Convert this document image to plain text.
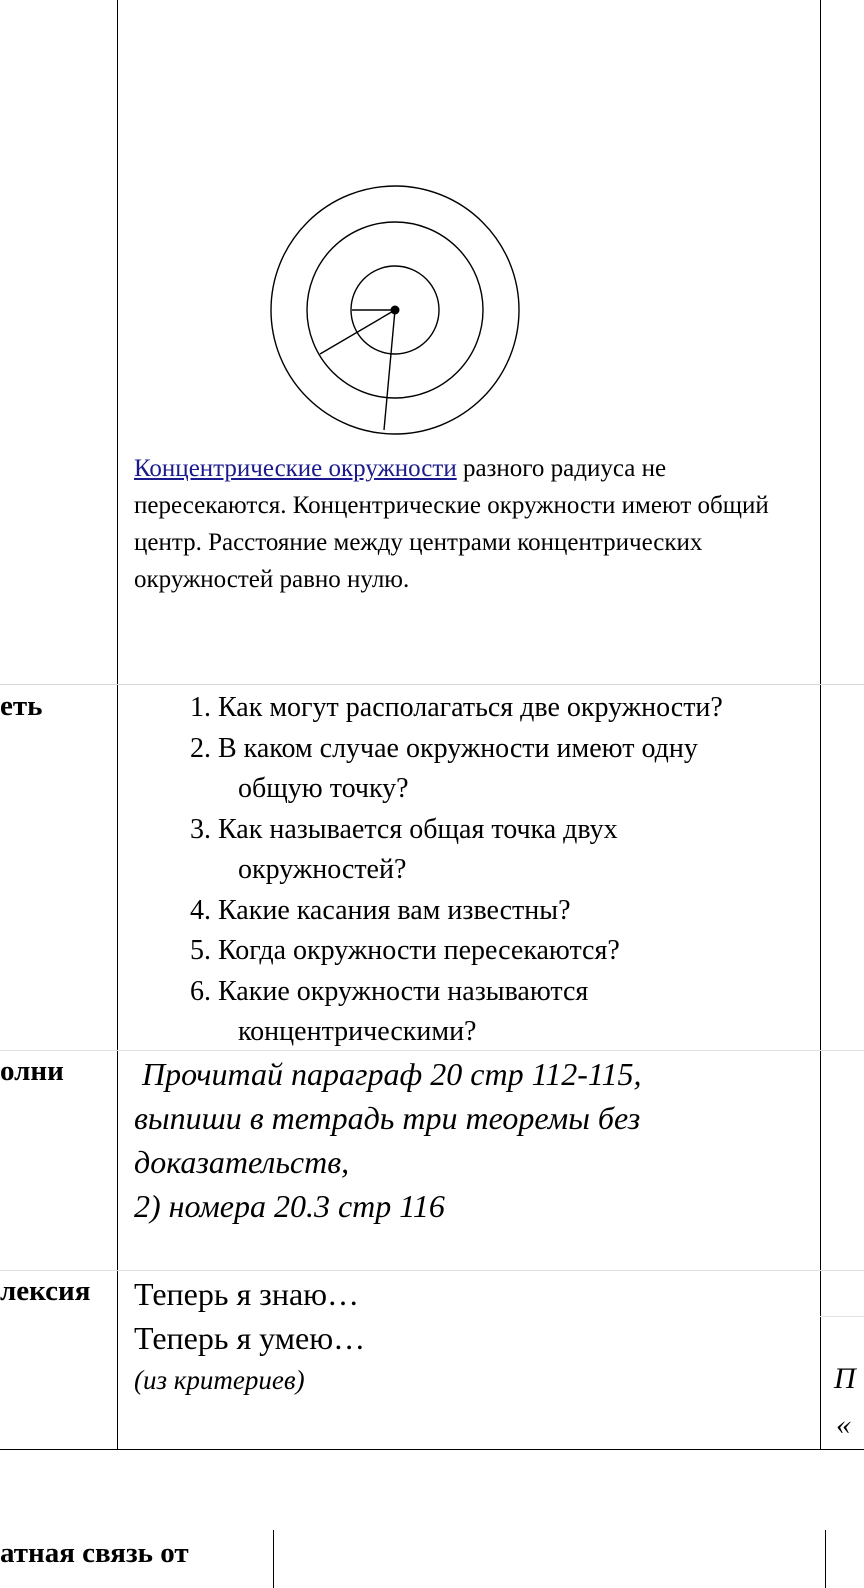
Концентрические окружности разного радиуса не пересекаются. Концентрические окружности имеют общий центр. Расстояние между центрами концентрических окружностей равно нулю.
еть
олни
лексия
атная связь от
1. Как могут располагаться две окружности?
2. В каком случае окружности имеют одну
общую точку?
3. Как называется общая точка двух
окружностей?
4. Какие касания вам известны?
5. Когда окружности пересекаются?
6. Какие окружности называются
концентрическими?
Прочитай параграф 20 стр 112-115,
выпиши в тетрадь три теоремы без
доказательств,
2) номера 20.3 стр 116
Теперь я знаю…
Теперь я умею…
(из критериев)	П
«
